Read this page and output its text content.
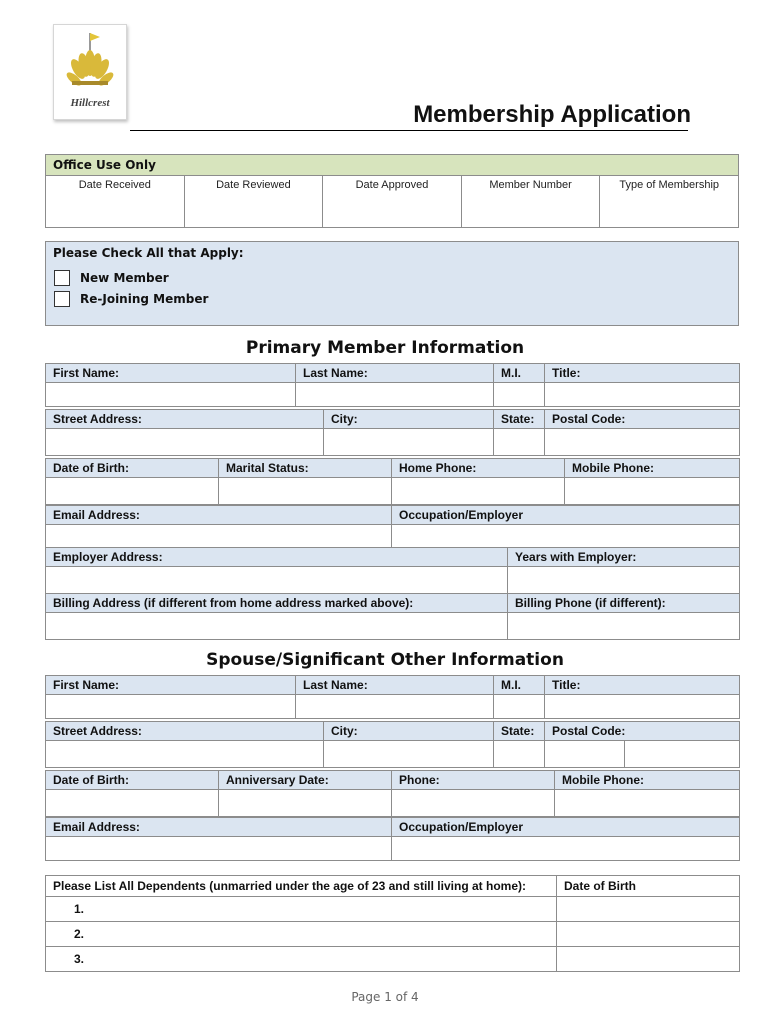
Hillcrest	Membership Application
Office Use Only
Date Received	Date Reviewed	Date Approved	Member Number	Type of Membership
Please Check All that Apply:
New Member
Re-Joining Member
Primary Member Information
First Name:	Last Name:	M.I.	Title:

Street Address:	City:	State:	Postal Code:

Date of Birth:	Marital Status:	Home Phone:	Mobile Phone:

Email Address:	Occupation/Employer

Employer Address:	Years with Employer:

Billing Address (if different from home address marked above):	Billing Phone (if different):

Spouse/Significant Other Information
First Name:	Last Name:	M.I.	Title:

Street Address:	City:	State:	Postal Code:	

Date of Birth:	Anniversary Date:	Phone:	Mobile Phone:

Email Address:	Occupation/Employer

Please List All Dependents (unmarried under the age of 23 and still living at home):	Date of Birth
1.	
2.	
3.	
Page 1 of 4
